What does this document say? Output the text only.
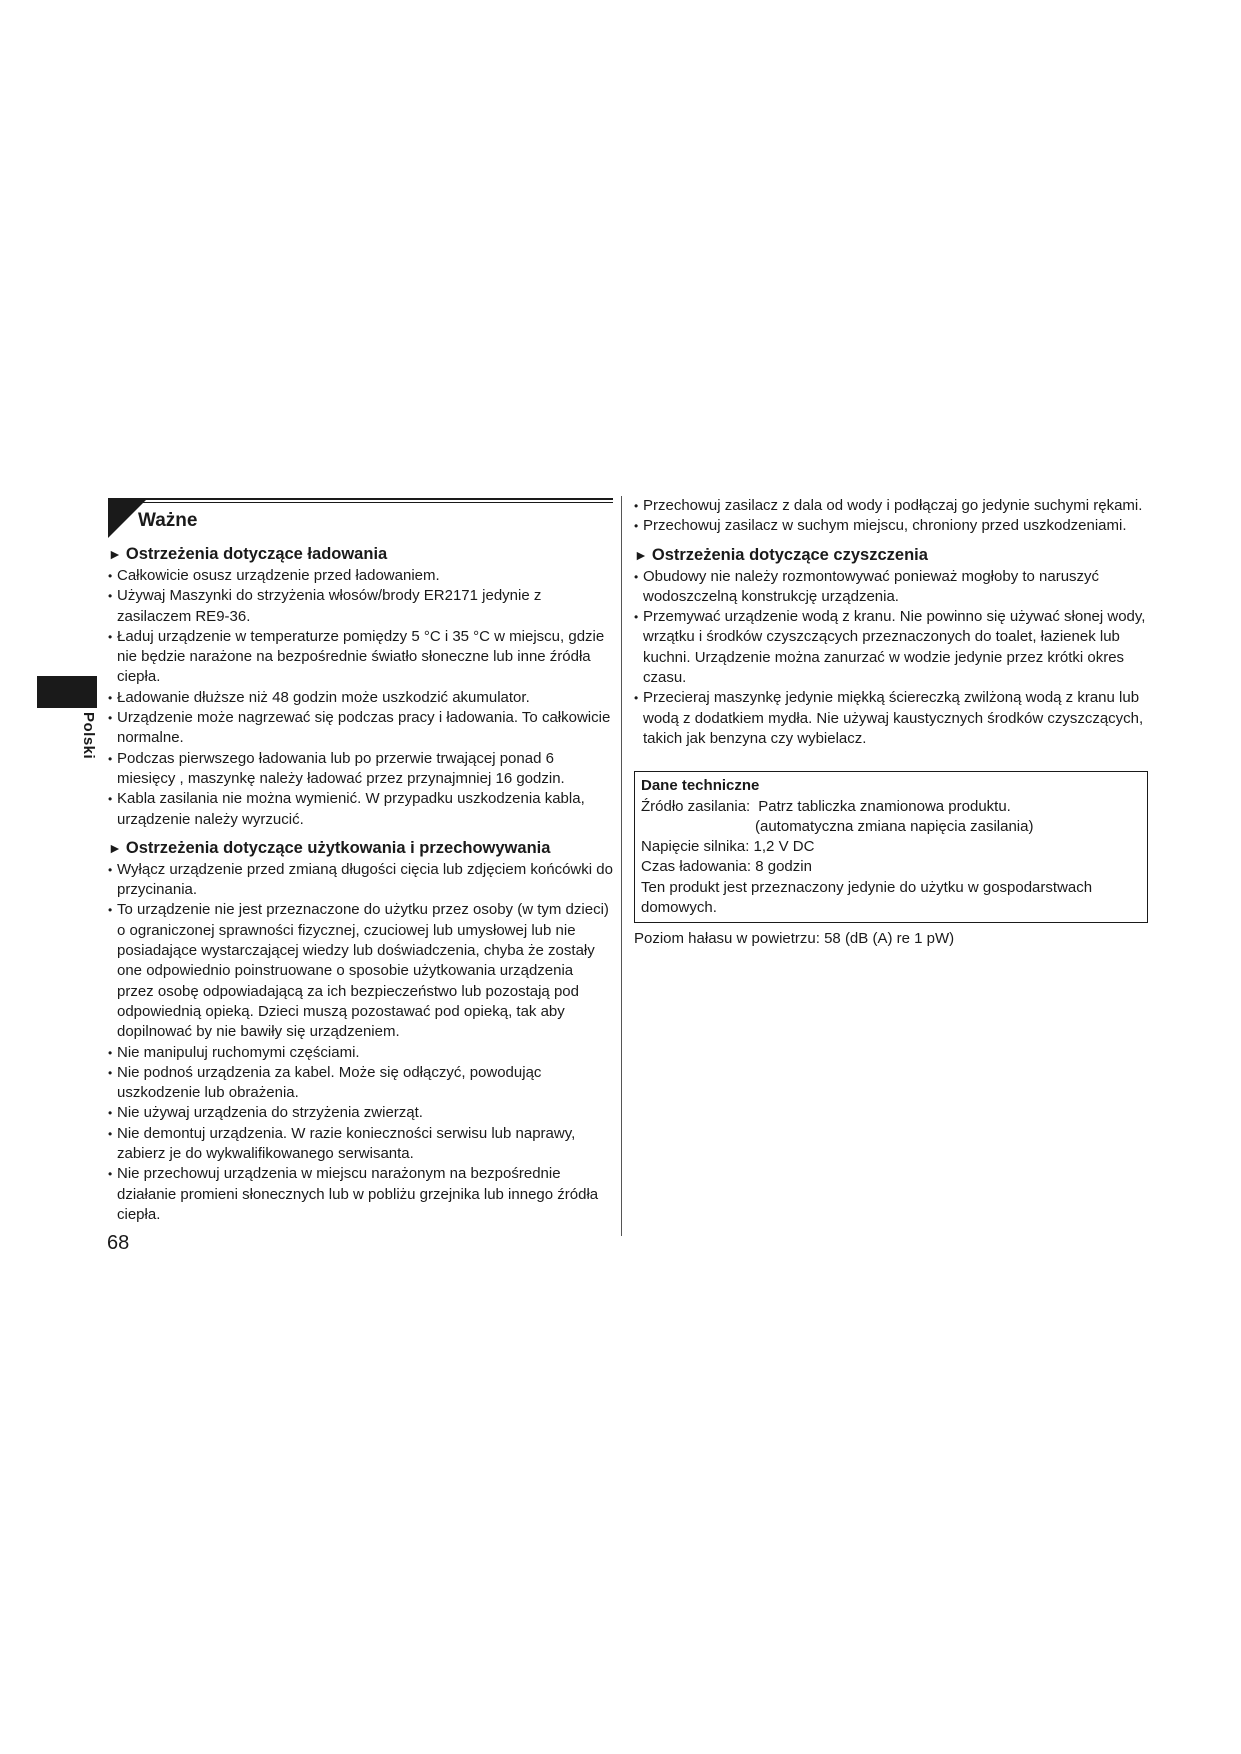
Polski
Ważne
► Ostrzeżenia dotyczące ładowania
• Całkowicie osusz urządzenie przed ładowaniem.
• Używaj Maszynki do strzyżenia włosów/brody ER2171 jedynie z zasilaczem RE9-36.
• Ładuj urządzenie w temperaturze pomiędzy 5 °C i 35 °C w miejscu, gdzie nie będzie narażone na bezpośrednie światło słoneczne lub inne źródła ciepła.
• Ładowanie dłuższe niż 48 godzin może uszkodzić akumulator.
• Urządzenie może nagrzewać się podczas pracy i ładowania. To całkowicie normalne.
• Podczas pierwszego ładowania lub po przerwie trwającej ponad 6 miesięcy , maszynkę należy ładować przez przynajmniej 16 godzin.
• Kabla zasilania nie można wymienić. W przypadku uszkodzenia kabla, urządzenie należy wyrzucić.
► Ostrzeżenia dotyczące użytkowania i przechowywania
• Wyłącz urządzenie przed zmianą długości cięcia lub zdjęciem końcówki do przycinania.
• To urządzenie nie jest przeznaczone do użytku przez osoby (w tym dzieci) o ograniczonej sprawności fizycznej, czuciowej lub umysłowej lub nie posiadające wystarczającej wiedzy lub doświadczenia, chyba że zostały one odpowiednio poinstruowane o sposobie użytkowania urządzenia przez osobę odpowiadającą za ich bezpieczeństwo lub pozostają pod odpowiednią opieką. Dzieci muszą pozostawać pod opieką, tak aby dopilnować by nie bawiły się urządzeniem.
• Nie manipuluj ruchomymi częściami.
• Nie podnoś urządzenia za kabel. Może się odłączyć, powodując uszkodzenie lub obrażenia.
• Nie używaj urządzenia do strzyżenia zwierząt.
• Nie demontuj urządzenia. W razie konieczności serwisu lub naprawy, zabierz je do wykwalifikowanego serwisanta.
• Nie przechowuj urządzenia w miejscu narażonym na bezpośrednie działanie promieni słonecznych lub w pobliżu grzejnika lub innego źródła ciepła.
• Przechowuj zasilacz z dala od wody i podłączaj go jedynie suchymi rękami.
• Przechowuj zasilacz w suchym miejscu, chroniony przed uszkodzeniami.
► Ostrzeżenia dotyczące czyszczenia
• Obudowy nie należy rozmontowywać ponieważ mogłoby to naruszyć wodoszczelną konstrukcję urządzenia.
• Przemywać urządzenie wodą z kranu. Nie powinno się używać słonej wody, wrzątku i środków czyszczących przeznaczonych do toalet, łazienek lub kuchni. Urządzenie można zanurzać w wodzie jedynie przez krótki okres czasu.
• Przecieraj maszynkę jedynie miękką ściereczką zwilżoną wodą z kranu lub wodą z dodatkiem mydła. Nie używaj kaustycznych środków czyszczących, takich jak benzyna czy wybielacz.
Dane techniczne
Źródło zasilania: Patrz tabliczka znamionowa produktu.
(automatyczna zmiana napięcia zasilania)
Napięcie silnika: 1,2 V DC
Czas ładowania: 8 godzin
Ten produkt jest przeznaczony jedynie do użytku w gospodarstwach domowych.
Poziom hałasu w powietrzu: 58 (dB (A) re 1 pW)
68
